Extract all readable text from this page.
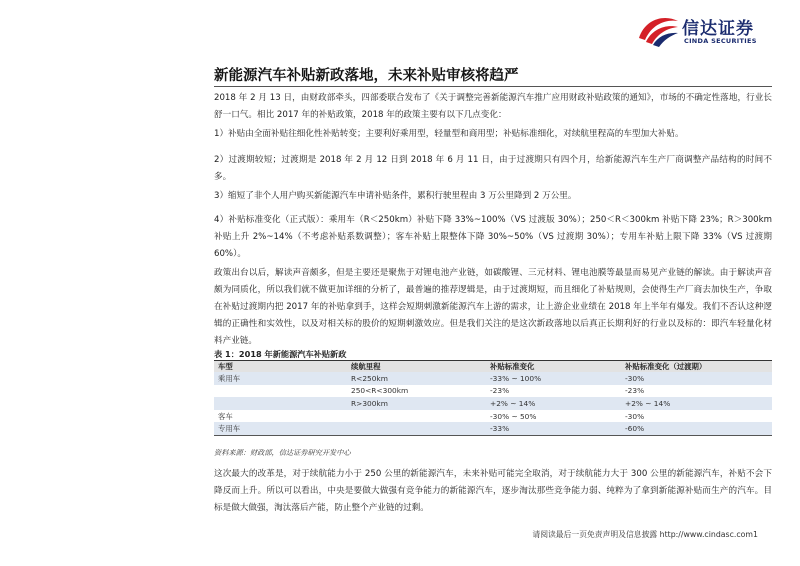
信达证券
CINDA SECURITIES
新能源汽车补贴新政落地，未来补贴审核将趋严

2018 年 2 月 13 日，由财政部牵头，四部委联合发布了《关于调整完善新能源汽车推广应用财政补贴政策的通知》，市场的不确定性落地，行业长舒一口气。相比 2017 年的补贴政策，2018 年的政策主要有以下几点变化：

1）补贴由全面补贴往细化性补贴转变；主要利好乘用型，轻量型和商用型；补贴标准细化，对续航里程高的车型加大补贴。

2）过渡期较短；过渡期是 2018 年 2 月 12 日到 2018 年 6 月 11 日，由于过渡期只有四个月，给新能源汽车生产厂商调整产品结构的时间不多。

3）缩短了非个人用户购买新能源汽车申请补贴条件，累积行驶里程由 3 万公里降到 2 万公里。

4）补贴标准变化（正式版）：乘用车（R＜250km）补贴下降 33%~100%（VS 过渡版 30%）；250＜R＜300km 补贴下降 23%；R＞300km 补贴上升 2%~14%（不考虑补贴系数调整）；客车补贴上限整体下降 30%~50%（VS 过渡期 30%）；专用车补贴上限下降 33%（VS 过渡期 60%）。

政策出台以后，解读声音颇多，但是主要还是聚焦于对锂电池产业链，如碳酸锂、三元材料、锂电池膜等最显而易见产业链的解读。由于解读声音颇为同质化，所以我们就不做更加详细的分析了，最普遍的推荐逻辑是，由于过渡期短，而且细化了补贴规则，会使得生产厂商去加快生产，争取在补贴过渡期内把 2017 年的补贴拿到手，这样会短期刺激新能源汽车上游的需求，让上游企业业绩在 2018 年上半年有爆发。我们不否认这种逻辑的正确性和实效性，以及对相关标的股价的短期刺激效应。但是我们关注的是这次新政落地以后真正长期利好的行业以及标的：即汽车轻量化材料产业链。

表 1：2018 年新能源汽车补贴新政
车型	续航里程	补贴标准变化	补贴标准变化（过渡期）
乘用车	R<250km	-33% ~ 100%	-30%
	250<R<300km	-23%	-23%
	R>300km	+2% ~ 14%	+2% ~ 14%
客车		-30% ~ 50%	-30%
专用车		-33%	-60%
资料来源：财政部，信达证券研究开发中心

这次最大的改革是，对于续航能力小于 250 公里的新能源汽车，未来补贴可能完全取消，对于续航能力大于 300 公里的新能源汽车，补贴不会下降反而上升。所以可以看出，中央是要做大做强有竞争能力的新能源汽车，逐步淘汰那些竞争能力弱、纯粹为了拿到新能源补贴而生产的汽车。目标是做大做强，淘汰落后产能，防止整个产业链的过剩。

请阅读最后一页免责声明及信息披露 http://www.cindasc.com1
